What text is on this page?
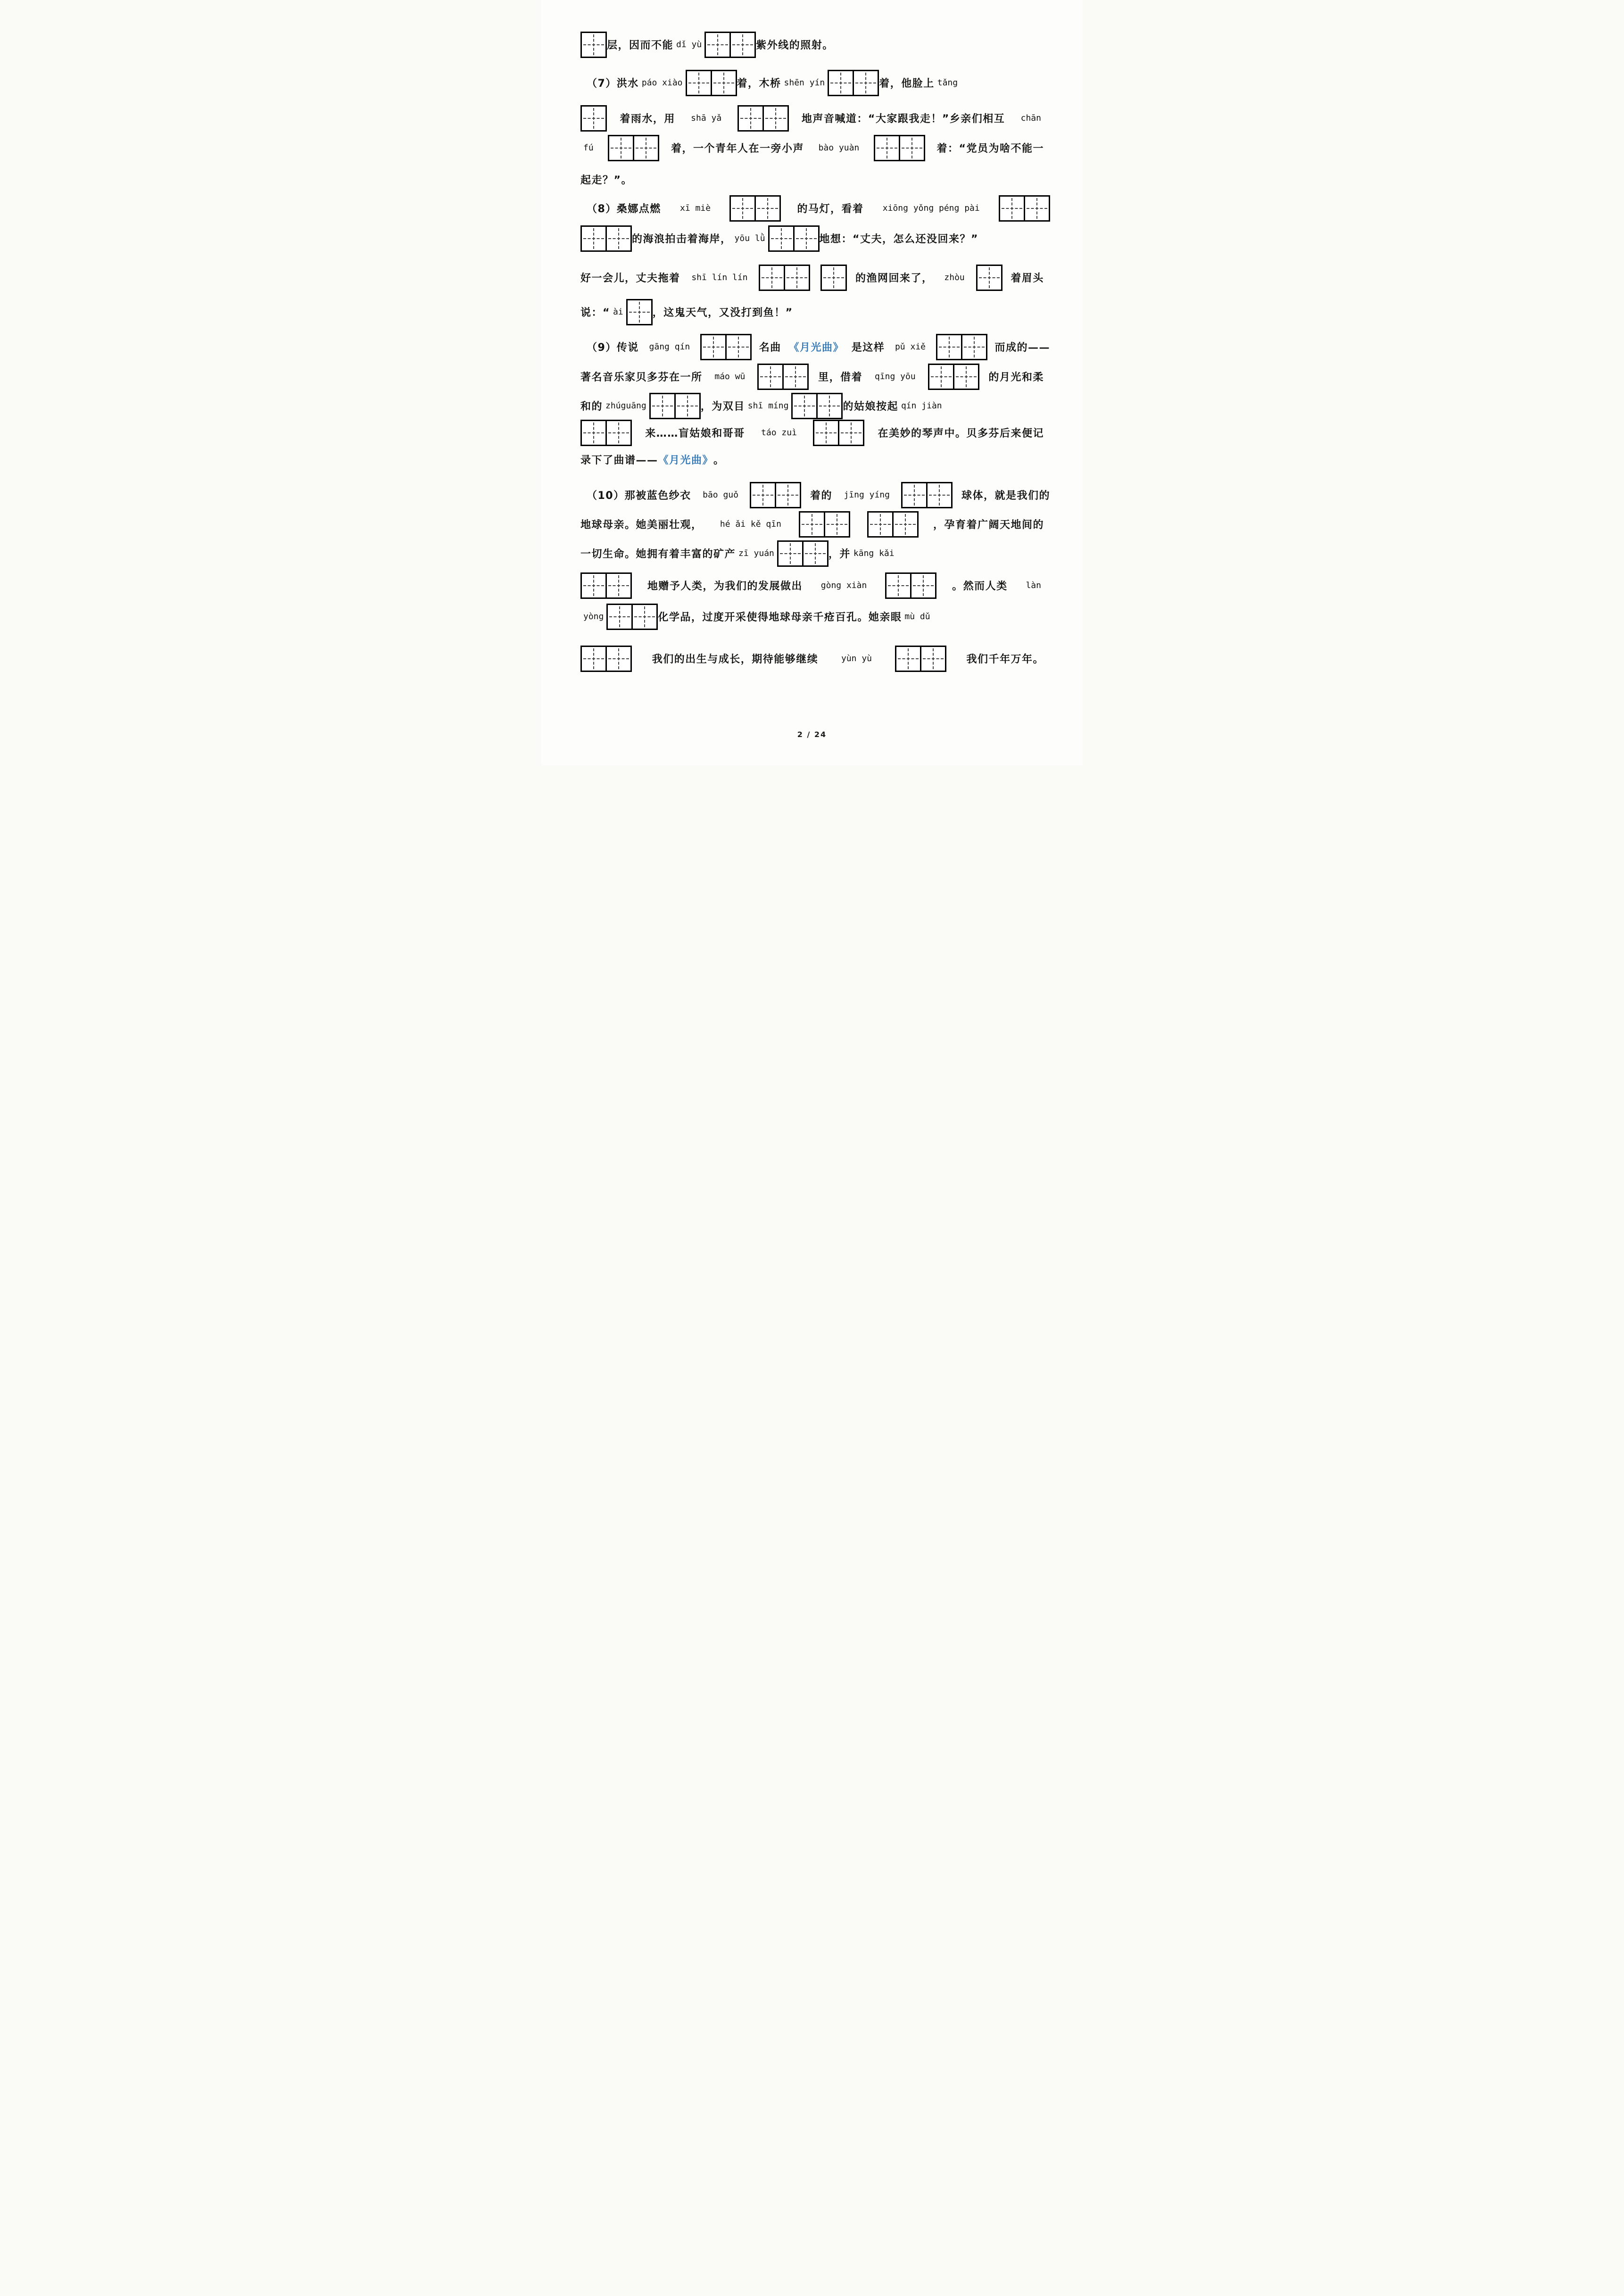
层，因而不能 dǐ yù	紫外线的照射。
（7）洪水 páo xiào	着，木桥 shēn yín	着，他脸上 tǎng
着雨水，用 shā yǎ	地声音喊道：“大家跟我走！”乡亲们相互 chān
fú	着，一个青年人在一旁小声 bào yuàn	着：“党员为啥不能一
起走？”。
（8）桑娜点燃 xī miè	的马灯，看着 xiōng yǒng péng pài
的海浪拍击着海岸， yōu lǜ	地想：“丈夫，怎么还没回来？”
好一会儿，丈夫拖着 shī lín lín	的渔网回来了， zhòu	着眉头
说：“ ài	，这鬼天气，又没打到鱼！”
（9）传说 gāng qín	名曲 《月光曲》 是这样 pǔ xiě	而成的——
著名音乐家贝多芬在一所 máo wū	里，借着 qīng yōu	的月光和柔
和的 zhúguāng	，为双目 shī míng	的姑娘按起 qín jiàn
来……盲姑娘和哥哥 táo zuì	在美妙的琴声中。贝多芬后来便记
录下了曲谱—— 《月光曲》 。
（10）那被蓝色纱衣 bāo guǒ	着的 jīng yíng	球体，就是我们的
地球母亲。她美丽壮观， hé ǎi kě qīn	，孕育着广阔天地间的
一切生命。她拥有着丰富的矿产 zī yuán	，并 kāng kǎi
地赠予人类，为我们的发展做出 gòng xiàn	。然而人类 làn
yòng	化学品，过度开采使得地球母亲千疮百孔。她亲眼 mù dǔ
我们的出生与成长，期待能够继续	yùn yù	我们千年万年。
2 / 24
